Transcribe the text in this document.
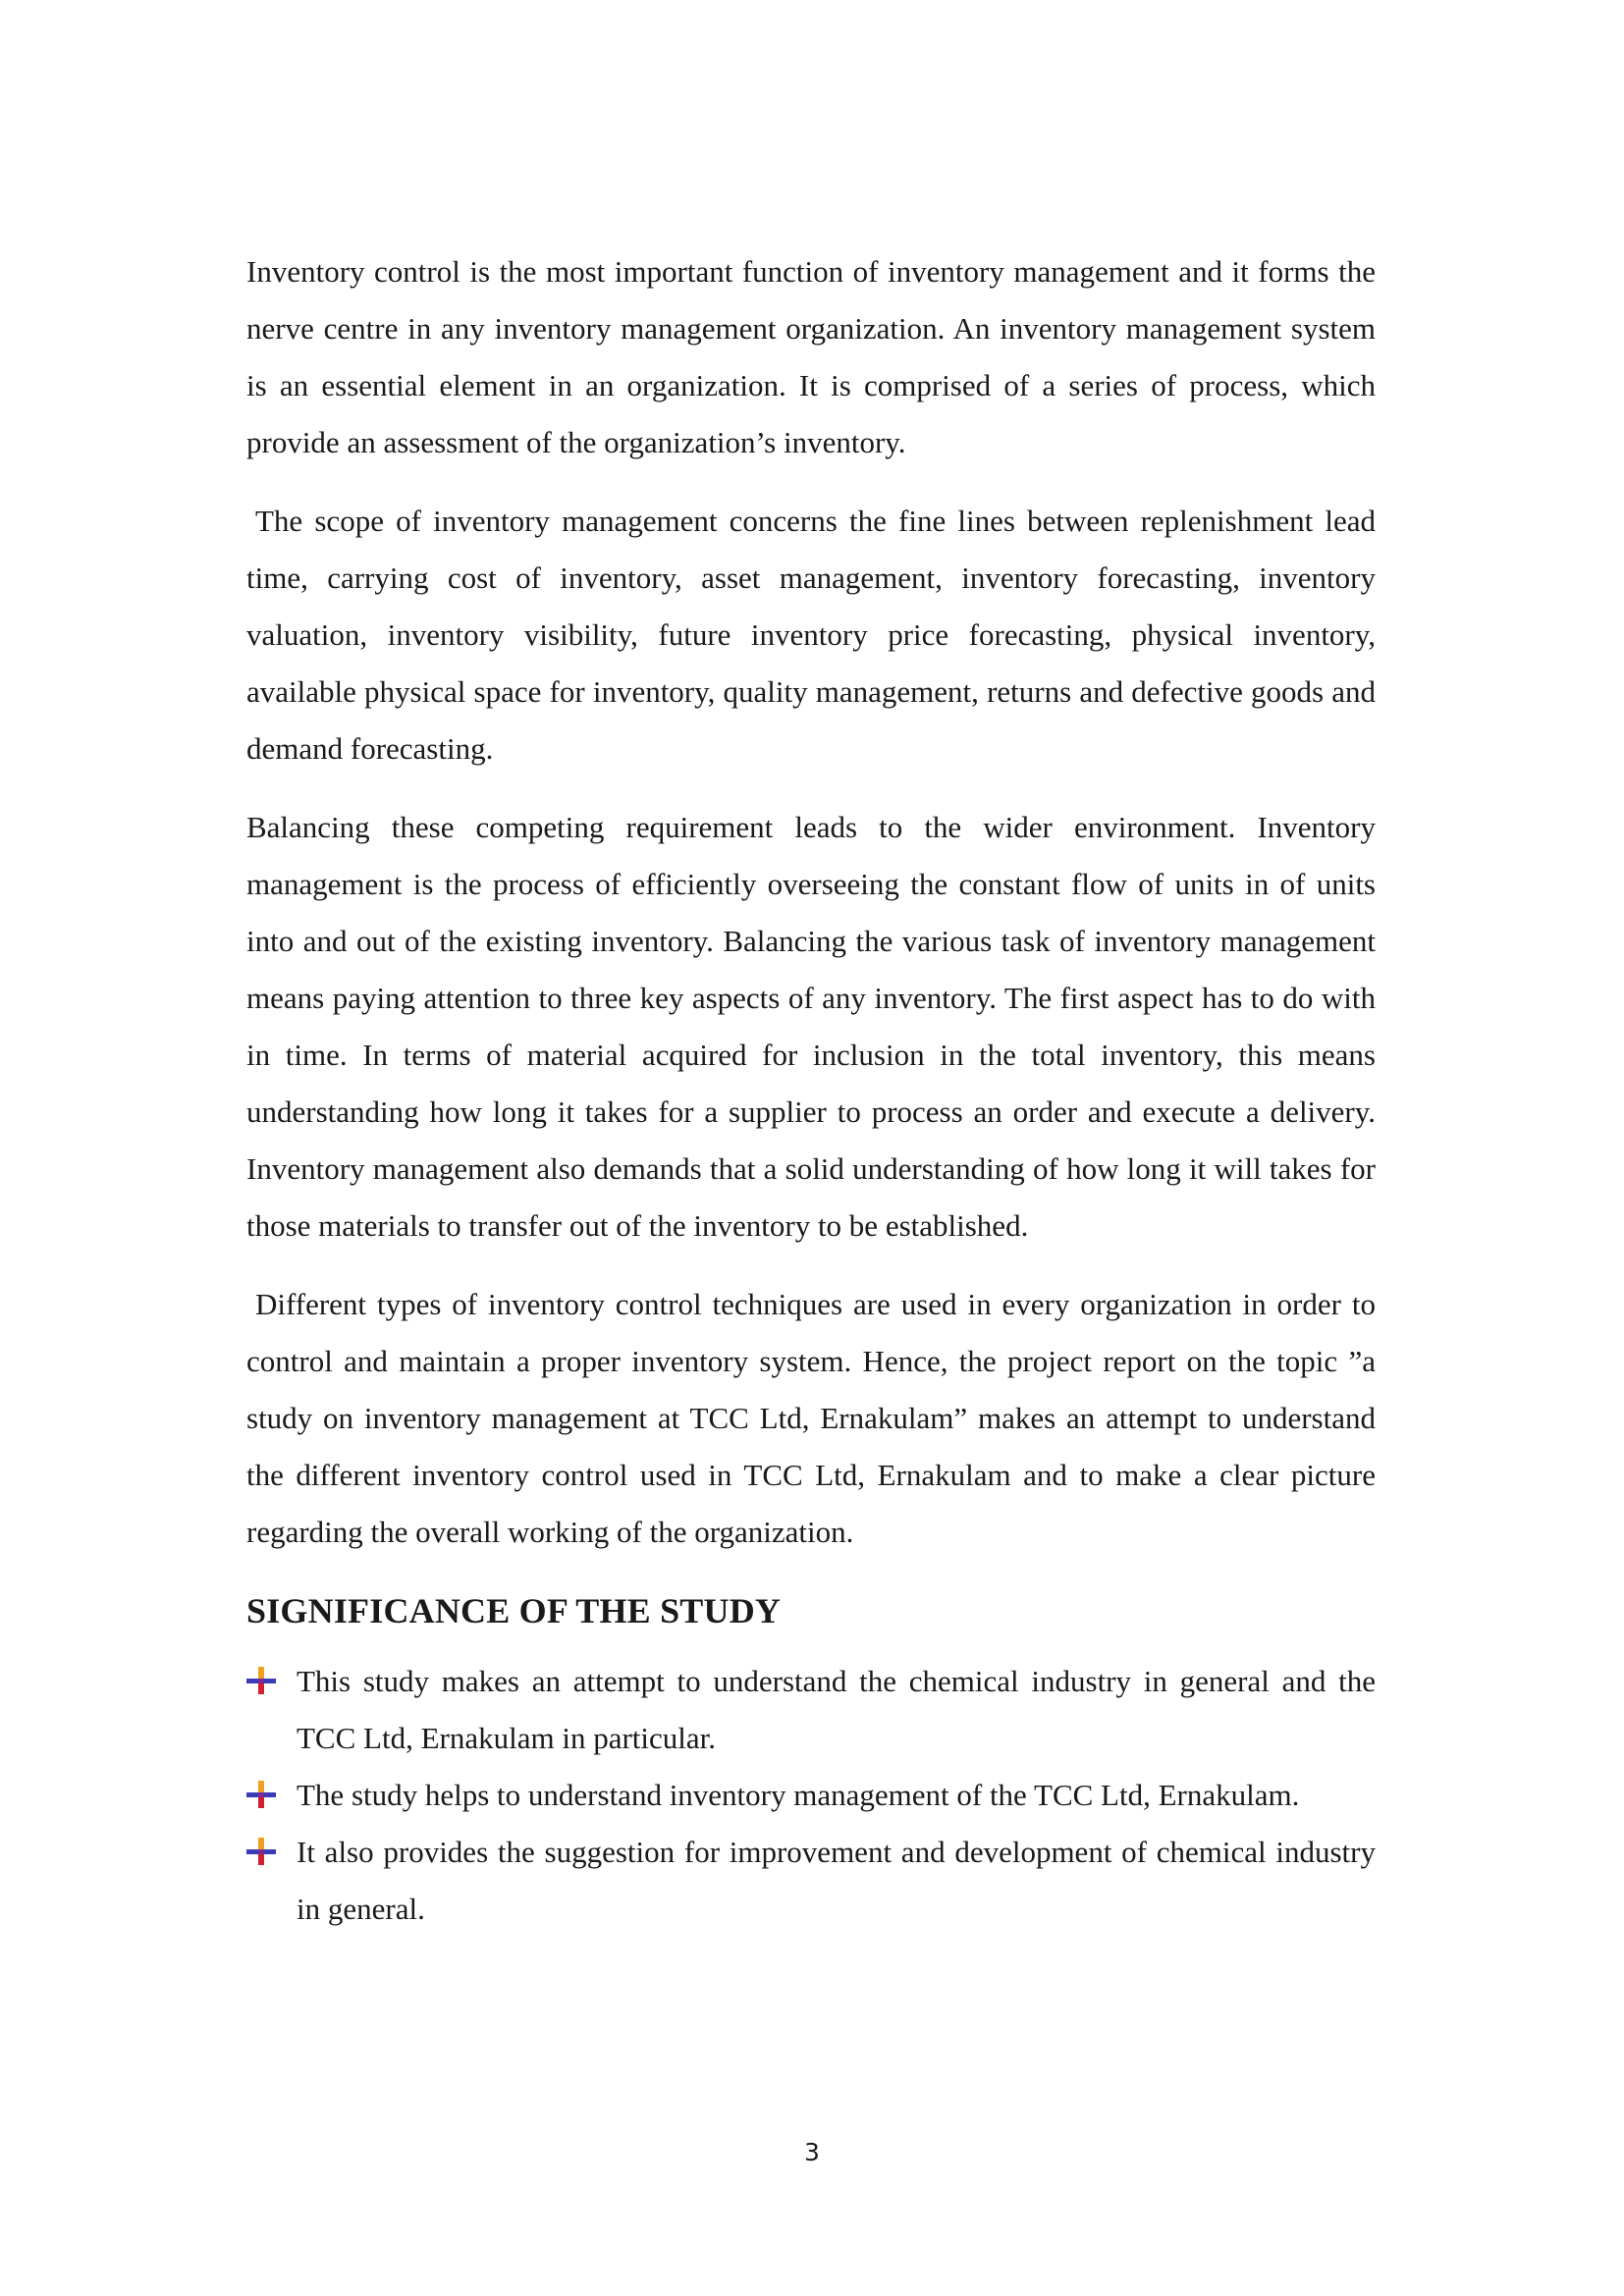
Inventory control is the most important function of inventory management and it forms the nerve centre in any inventory management organization. An inventory management system is an essential element in an organization. It is comprised of a series of process, which provide an assessment of the organization’s inventory.

The scope of inventory management concerns the fine lines between replenishment lead time, carrying cost of inventory, asset management, inventory forecasting, inventory valuation, inventory visibility, future inventory price forecasting, physical inventory, available physical space for inventory, quality management, returns and defective goods and demand forecasting.

Balancing these competing requirement leads to the wider environment. Inventory management is the process of efficiently overseeing the constant flow of units in of units into and out of the existing inventory. Balancing the various task of inventory management means paying attention to three key aspects of any inventory. The first aspect has to do with in time. In terms of material acquired for inclusion in the total inventory, this means understanding how long it takes for a supplier to process an order and execute a delivery. Inventory management also demands that a solid understanding of how long it will takes for those materials to transfer out of the inventory to be established.

Different types of inventory control techniques are used in every organization in order to control and maintain a proper inventory system. Hence, the project report on the topic ”a study on inventory management at TCC Ltd, Ernakulam” makes an attempt to understand the different inventory control used in TCC Ltd, Ernakulam and to make a clear picture regarding the overall working of the organization.

SIGNIFICANCE OF THE STUDY
This study makes an attempt to understand the chemical industry in general and the TCC Ltd, Ernakulam in particular.
The study helps to understand inventory management of the TCC Ltd, Ernakulam.
It also provides the suggestion for improvement and development of chemical industry in general.
3
